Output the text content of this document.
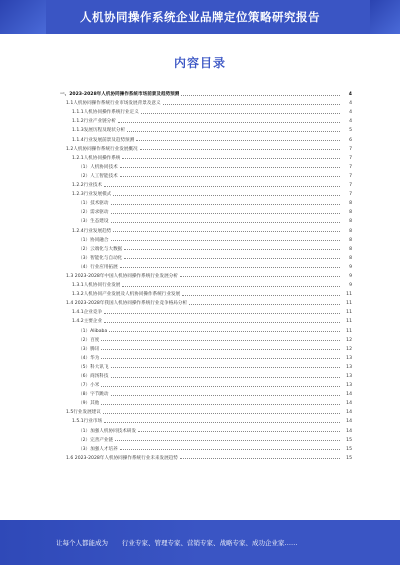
人机协同操作系统企业品牌定位策略研究报告
内容目录
一、2023-2028年人机协同操作系统市场前景及趋势预测	4
1.1人机协同操作系统行业市场发展背景及意义	4
1.1.1人机协同操作系统行业定义	4
1.1.2行业产业链分析	4
1.1.3发展历程及现状分析	5
1.1.4行业发展前景及趋势预测	6
1.2人机协同操作系统行业发展概况	7
1.2.1人机协同操作系统	7
（1）人机协同技术	7
（2）人工智能技术	7
1.2.2行业技术	7
1.2.3行业发展模式	7
（1）技术驱动	8
（2）需求驱动	8
（3）生态建设	8
1.2.4行业发展趋势	8
（1）协同融合	8
（2）云端化与大数据	8
（3）智能化与自动化	8
（4）行业应用拓展	9
1.3 2023-2028年中国人机协同操作系统行业发展分析	9
1.3.1人机协同行业发展	9
1.3.2人机协同产业发展及人机协同操作系统行业发展	11
1.4 2023-2028年我国人机协同操作系统行业竞争格局分析	11
1.4.1企业竞争	11
1.4.2主要企业	11
（1）Alibaba	11
（2）百度	12
（3）腾讯	12
（4）华为	13
（5）科大讯飞	13
（6）商汤科技	13
（7）小米	13
（8）字节跳动	14
（9）其他	14
1.5行业发展建议	14
1.5.1行业市场	14
（1）加强人机协同技术研发	14
（2）完善产业链	15
（3）加强人才培养	15
1.6 2023-2028年人机协同操作系统行业未来发展趋势	15
让每个人都能成为 行业专家、管理专家、营销专家、战略专家、成功企业家……
